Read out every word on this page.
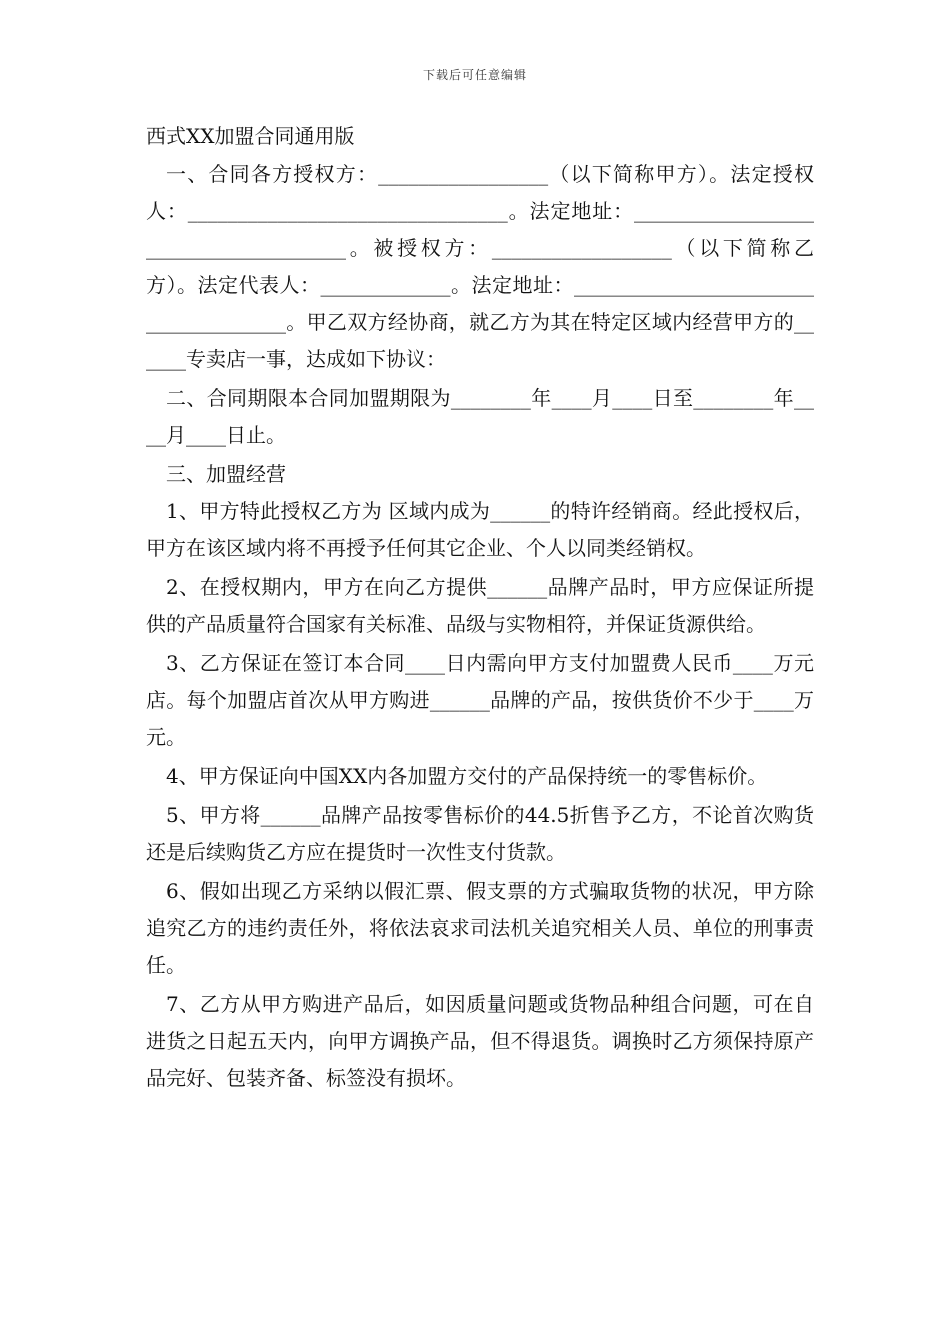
下载后可任意编辑
西式XX加盟合同通用版

一、合同各方授权方：_________________（以下简称甲方）。法定授权人：________________________________。法定地址：______________________________________。被授权方：__________________（以下简称乙方）。法定代表人：_____________。法定地址：______________________________________。甲乙双方经协商，就乙方为其在特定区域内经营甲方的______专卖店一事，达成如下协议：

二、合同期限本合同加盟期限为________年____月____日至________年____月____日止。

三、加盟经营

1、甲方特此授权乙方为 区域内成为______的特许经销商。经此授权后，甲方在该区域内将不再授予任何其它企业、个人以同类经销权。

2、在授权期内，甲方在向乙方提供______品牌产品时，甲方应保证所提供的产品质量符合国家有关标准、品级与实物相符，并保证货源供给。

3、乙方保证在签订本合同____日内需向甲方支付加盟费人民币____万元店。每个加盟店首次从甲方购进______品牌的产品，按供货价不少于____万元。

4、甲方保证向中国XX内各加盟方交付的产品保持统一的零售标价。

5、甲方将______品牌产品按零售标价的44.5折售予乙方，不论首次购货还是后续购货乙方应在提货时一次性支付货款。

6、假如出现乙方采纳以假汇票、假支票的方式骗取货物的状况，甲方除追究乙方的违约责任外，将依法哀求司法机关追究相关人员、单位的刑事责任。

7、乙方从甲方购进产品后，如因质量问题或货物品种组合问题，可在自进货之日起五天内，向甲方调换产品，但不得退货。调换时乙方须保持原产品完好、包装齐备、标签没有损坏。
